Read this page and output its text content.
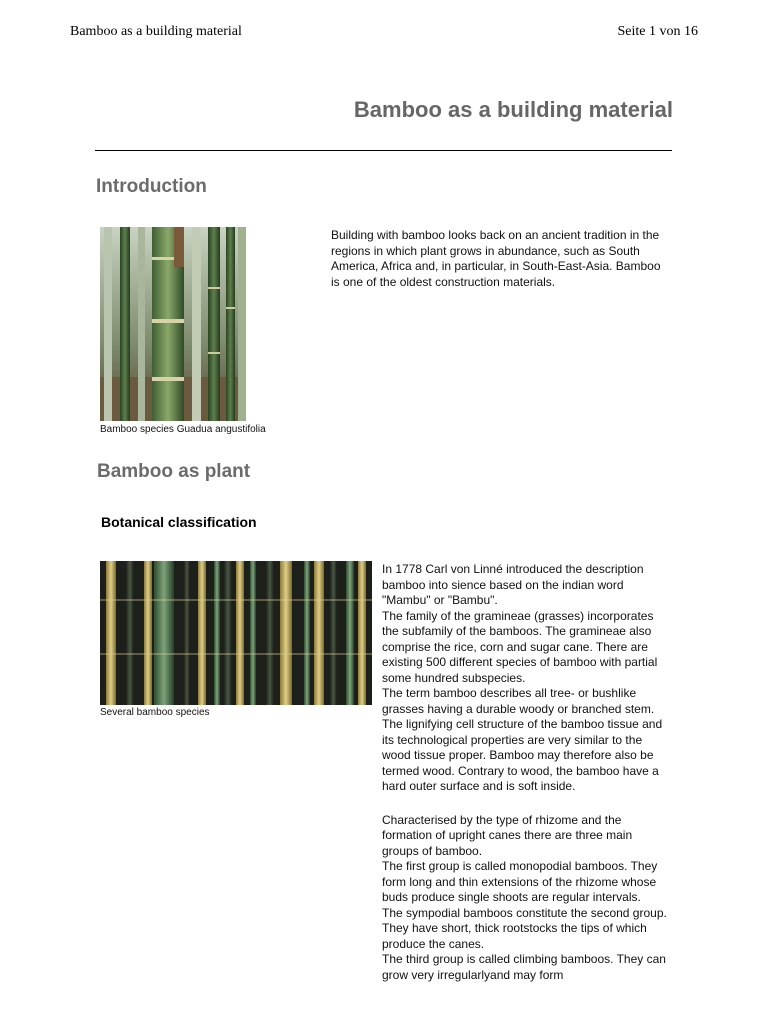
Bamboo as a building material	Seite 1 von 16
Bamboo as a building material
Introduction
Bamboo species Guadua angustifolia
Building with bamboo looks back on an ancient tradition in the regions in which plant grows in abundance, such as South America, Africa and, in particular, in South-East-Asia. Bamboo is one of the oldest construction materials.
Bamboo as plant
Botanical classification
Several bamboo species

In 1778 Carl von Linné introduced the description bamboo into sience based on the indian word "Mambu" or "Bambu".

The family of the gramineae (grasses) incorporates the subfamily of the bamboos. The gramineae also comprise the rice, corn and sugar cane. There are existing 500 different species of bamboo with partial some hundred subspecies.

The term bamboo describes all tree- or bushlike grasses having a durable woody or branched stem. The lignifying cell structure of the bamboo tissue and its technological properties are very similar to the wood tissue proper. Bamboo may therefore also be termed wood. Contrary to wood, the bamboo have a hard outer surface and is soft inside.

Characterised by the type of rhizome and the formation of upright canes there are three main groups of bamboo.

The first group is called monopodial bamboos. They form long and thin extensions of the rhizome whose buds produce single shoots are regular intervals.

The sympodial bamboos constitute the second group. They have short, thick rootstocks the tips of which produce the canes.

The third group is called climbing bamboos. They can grow very irregularlyand may form
